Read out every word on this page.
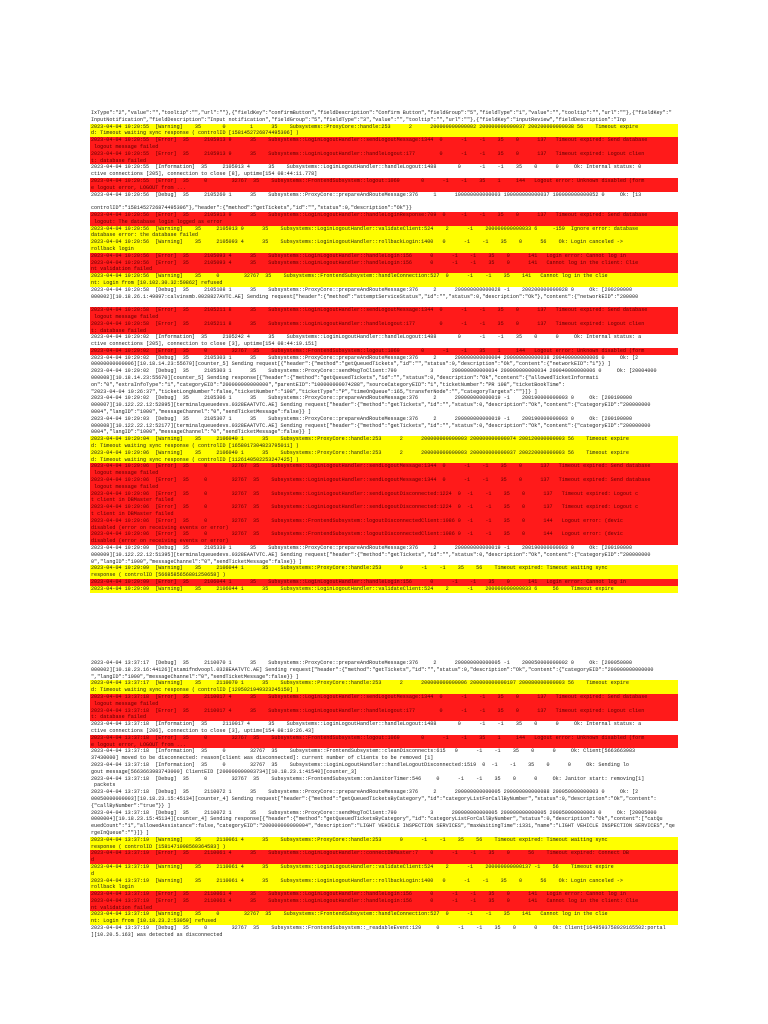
IxType":"2","value":"","tooltip":"","url":""},{"fieldKey":"confirmButton","fieldDescription":"Confirm Button","fieldGroup":"5","fieldType":"1","value":"","tooltip":"","url":""},{"fieldKey":"
InputNotification","fieldDescription":"Input notification","fieldGroup":"5","fieldType":"3","value":"","tooltip":"","url":""},{"fieldKey":"inputReview","fieldDescription":"Inp
2023-04-04 10:20:55  [Warning]    35       0        1      35    Subsystems::ProxyCore::handle:253      2      200000000000002 200000000000037 200200000000038 56    Timeout expire
d: Timeout waiting sync response ( controlID [1581452726874495306] )
2023-04-04 10:20:55  [Error]  35     2105913 9      35    Subsystems::LoginLogoutHandler::sendLogoutMessage:1344  0      -1    -1    35    0      137   Timeout expired: Send database
logout message failed
2023-04-04 10:20:55  [Error]  35     2105913 9      35    Subsystems::LoginLogoutHandler::handleLogout:177        0      -1    -1    35    0      137   Timeout expired: Logout clien
t: database failed
2023-04-04 10:20:55  [Information]  35     2105913 4      35    Subsystems::LoginLogoutHandler::handleLogout:1488       0      -1    -1    35    0      0     Ok: Internal status: 0
ctive connections [205], connection to close [8], uptime[154 08:44:11.778]
2023-04-04 10:20:55  [Error]  35     0        32767  35    Subsystems::FrontendSubsystem::logout:1069       0      -1    -1    35    1     144   Logout error: Unknown disabled (form
e logout error, LOGOUT from ...
2023-04-04 10:20:56  [Debug]  35     2105260 1      35    Subsystems::ProxyCore::prepareAndRouteMessage:376     1      100000000000003 100000000000037 100000000000052 0     Ok: [13
controlID":"1581452726874495306"},"header":{"method":"getTickets","id":"","status":0,"description":"Ok"}}
2023-04-04 10:20:56  [Error]  35     2105913 9      35    Subsystems::LoginLogoutHandler::handleLoginResponse:709  0     -1    -1    35    0      137   Timeout expired: Send database
logout: The database login logged as error
2023-04-04 10:20:56  [Warning]    35     2105913 9      35    Subsystems::LoginLogoutHandler::validateClient:524    2      -1    200000000000033 6     -150  Ignore error: database
database error: the database failed
2023-04-04 10:20:56  [Warning]    35     2105093 4      35    Subsystems::LoginLogoutHandler::rollbackLogin:1400   0      -1    -1    35    0      56    Ok: Login canceled ->
rollback login
2023-04-04 10:20:56  [Error]  35     2105093 4      35    Subsystems::LoginLogoutHandler::handleLogin:156      0      -1    -1    35    0      141   Login error: Cannot log in
2023-04-04 10:20:56  [Error]  35     2105093 4      35    Subsystems::LoginLogoutHandler::handleLogin:156      0      -1    -1    35    0      141   Cannot log in the client: Clie
nt validation failed
2023-04-04 10:20:56  [Warning]    35     0        32767  35    Subsystems::FrontendSubsystem::handleConnection:527  0      -1    -1    35    141   Cannot log in the clie
nt: Login from [10.102.30.32:59862] refused
2023-04-04 10:20:58  [Debug]  35     2105108 1      35    Subsystems::ProxyCore::prepareAndRouteMessage:376     2      200000000000028 -1    200200000000028 0     Ok: [200200000
000002][10.18.26.1:49897:calvinsmb.0028827AVTC.AE] Sending request["header":{"method":"attemptServiceStatus","id":"","status":0,"description":"Ok"},"content":{"networkEID":"200000
2023-04-04 10:20:58  [Error]  35     2105211 8      35    Subsystems::LoginLogoutHandler::sendLogoutMessage:1344  0      -1    -1    35    0      137   Timeout expired: Send database
logout message failed
2023-04-04 10:20:58  [Error]  35     2105211 8      35    Subsystems::LoginLogoutHandler::handleLogout:177        0      -1    -1    35    0      137   Timeout expired: Logout clien
t: database failed
2023-04-04 10:29:02  [Information]  35     2105242 4      35    Subsystems::LoginLogoutHandler::handleLogout:1488       0      -1    -1    35    0      0     Ok: Internal status: a
ctive connections [205], connection to close [3], uptime[154 08:44:19.151]
2023-04-04 10:29:02  [Error]  35     0        32767  35    Subsystems::FrontendSubsystem::logout:1069       0      -1    -1    35    1     144   Logout error: Unknown disabled (form
2023-04-04 10:29:02  [Debug]  35     2105303 1      35    Subsystems::ProxyCore::prepareAndRouteMessage:376     2      200000000000004 200000000000038 200400000000006 0     Ok: [2
00000000000006][10.18.14.23:55670][counter_5] Sending request[{"header":{"method":"getQueuedTickets","id":"","status":0,"description":"Ok","content":{"networkEID":"1"}} ]
2023-04-04 10:29:02  [Debug]  35     2105303 1      35    Subsystems::ProxyCore::sendMsgToClient:790           3      200000000000034 200000000000034 200040000000006 0     Ok: [20004000
000008][10.18.14.23:55670][counter_5] Sending response[{"header":{"method":"getQueuedTickets","id":"","status":0,"description":"Ok","content":{"allowedTicketInformati
on":"0","extraInfoType":"1","categoryEID":"200000000000000","parentEID":"100000000074288","sourceCategoryEID":"1","ticketNumber":"PR 108","ticketBookTime":
"2023-04-04 10:26:37","ticketLongNumber":false,"ticketNumber":"108","ticketType":"P","timeOnQueue":165,"transferNode":"","categoryTargets":""}]} ]
2023-04-04 10:29:02  [Debug]  35     2105306 1      35    Subsystems::ProxyCore::prepareAndRouteMessage:376     2      200000000000019 -1    200190000000003 0     Ok: [200190000
000007][10.122.22.12:52895][terminalqueuedevs.0328EAATVTC.AE] Sending request["header":{"method":"getTickets","id":"","status":0,"description":"Ok","content":{"categoryEID":"200000000
0004","langID":"1000","messageChannel":"0","sendTicketMessage":false}} ]
2023-04-04 10:29:03  [Debug]  35     2105307 1      35    Subsystems::ProxyCore::prepareAndRouteMessage:376     2      200000000000019 -1    200190000000003 0     Ok: [200190000
000008][10.122.22.12:52177][terminalqueuedevs.0328EAATVTC.AE] Sending request["header":{"method":"getTickets","id":"","status":0,"description":"Ok","content":{"categoryEID":"200000000
0004","langID":"1000","messageChannel":"0","sendTicketMessage":false}} ]
2023-04-04 10:29:04  [Warning]    35     2106040 1      35    Subsystems::ProxyCore::handle:253      2      200000000000003 200000000000074 200120000000003 56    Timeout expire
d: Timeout waiting sync response ( controlID [1658017304823795011] )
2023-04-04 10:29:06  [Warning]    35     2106040 1      35    Subsystems::ProxyCore::handle:253      2      200000000000003 200000000000037 200220000000003 56    Timeout expire
d: Timeout waiting sync response ( controlID [1126140502253247425] )
2023-04-04 10:29:06  [Error]  35     0        32767  35    Subsystems::LoginLogoutHandler::sendLogoutMessage:1344  0      -1    -1    35    0      137   Timeout expired: Send database
logout message failed
2023-04-04 10:29:06  [Error]  35     0        32767  35    Subsystems::LoginLogoutHandler::sendLogoutMessage:1344  0      -1    -1    35    0      137   Timeout expired: Send database
logout message failed
2023-04-04 10:29:06  [Error]  35     0        32767  35    Subsystems::LoginLogoutHandler::sendLogoutDisconnected:1224  0  -1    -1    35    0      137   Timeout expired: Logout c
t client in DBMaster failed
2023-04-04 10:29:06  [Error]  35     0        32767  35    Subsystems::LoginLogoutHandler::sendLogoutDisconnected:1224  0  -1    -1    35    0      137   Timeout expired: Logout c
t client in DBMaster failed
2023-04-04 10:29:06  [Error]  35     0        32767  35    Subsystems::FrontendSubsystem::logoutDisconnectedClient:1086 0  -1    -1    35    0      144   Logout error: (devic
disabled (error on receiving events or error)
2023-04-04 10:29:06  [Error]  35     0        32767  35    Subsystems::FrontendSubsystem::logoutDisconnectedClient:1086 0  -1    -1    35    0      144   Logout error: (devic
disabled (error on receiving events or error)
2023-04-04 10:29:09  [Debug]  35     2105339 1      35    Subsystems::ProxyCore::prepareAndRouteMessage:376     2      200000000000019 -1    200190000000003 0     Ok: [200190000
000009][10.122.22.12:51395][terminalqueuedevs.0328EAATVTC.AE] Sending request["header":{"method":"getTickets","id":"","status":0,"description":"Ok","content":{"categoryEID":"200000000
0","langID":"1000","messageChannel":"0","sendTicketMessage":false}} ]
2023-04-04 10:29:09  [Warning]    35     2106044 1      35    Subsystems::ProxyCore::handle:253      0      -1    -1    35    56    Timeout expired: Timeout waiting sync
response ( controlID [5668585656801250658] )
2023-04-04 10:29:09  [Error]  35     2106044 1      35    Subsystems::LoginLogoutHandler::handleLogin:156      0      -1    -1    35    0      141   Login error: Cannot log in
2023-04-04 10:29:09  [Warning]    35     2106044 1      35    Subsystems::LoginLogoutHandler::validateClient:524    2      -1    200000000000033 6     56    Timeout expire
2023-04-04 13:37:17  [Debug]  35     2110070 1      35    Subsystems::ProxyCore::prepareAndRouteMessage:376     2      200000000000005 -1    200050000000002 0     Ok: [200050000
000002][10.18.23.16:44126][stamifndvoopl.0328EAATVTC.AE] Sending request["header":{"method":"getTickets","id":"","status":0,"description":"Ok","content":{"categoryEID":"200000000000000
","langID":"1000","messageChannel":"0","sendTicketMessage":false}} ]
2023-04-04 13:37:17  [Warning]    35     2110070 1      35    Subsystems::ProxyCore::handle:253      2      200000000000006 200000000000107 200080000000003 56    Timeout expire
d: Timeout waiting sync response ( controlID [1295021949323245150] )
2023-04-04 13:37:18  [Error]  35     2110017 4      35    Subsystems::LoginLogoutHandler::sendLogoutMessage:1344  0      -1    -1    35    0      137   Timeout expired: Send database
logout message failed
2023-04-04 13:37:18  [Error]  35     2110017 4      35    Subsystems::LoginLogoutHandler::handleLogout:177        0      -1    -1    35    0      137   Timeout expired: Logout clien
t: database failed
2023-04-04 13:37:18  [Information]  35     2110017 4      35    Subsystems::LoginLogoutHandler::handleLogout:1488       0      -1    -1    35    0      0     Ok: Internal status: a
ctive connections [206], connection to close [3], uptime[154 08:10:26.43]
2023-04-04 13:37:18  [Error]  35     0        32767  35    Subsystems::FrontendSubsystem::logout:1069       0      -1    -1    35    1     144   Logout error: Unknown disabled (form
e logout error, LOGOUT from ...
2023-04-04 13:37:18  [Information]  35     0        32767  35    Subsystems::FrontendSubsystem::cleanDisconnects:615   0      -1    -1    35    0      0     Ok: Client[5663663983
37430000] moved to be disconnected: reason[client was disconnected]: current number of clients to be removed [1]
2023-04-04 13:37:18  [Information]  35     0        32767  35    Subsystems::LoginLogoutHandler::handleLogoutDisconnected:1519  0  -1    -1    35    0      0     Ok: Sending lo
gout message[5663663983743000] ClientEID [200000000003734][10.18.23.1:41540][counter_3]
2023-04-04 13:37:18  [Debug]  35     0        32767  35    Subsystems::FrontendSubsystem::onJanitorTimer:546     0      -1    -1    35    0      0     Ok: Janitor start: removing[1]
packets
2023-04-04 13:37:18  [Debug]  35     2110072 1      35    Subsystems::ProxyCore::prepareAndRouteMessage:376     2      200000000000005 200000000000088 200050000000003 0     Ok: [2
00050000000003][10.18.23.15:45134][counter_4] Sending request["header":{"method":"getQueuedTicketsByCategory","id":"categoryListForCallByNumber","status":0,"description":"Ok","content":
{"callByNumber":"true"}} ]
2023-04-04 13:37:18  [Debug]  35     2110072 1      35    Subsystems::ProxyCore::sendMsgToClient:790           3      200000000000005 200000000000005 200050000000003 0     Ok: [20005000
0000004][10.18.23.15:45134][counter_4] Sending response[{"header":{"method":"getQueuedTicketsByCategory","id":"categoryListForCallByNumber","status":0,"description":"Ok","content":["catQu
euedCount":"1","allowedAssistance":false,"categoryEID":"200000000000004","description":"LIGHT VEHICLE INSPECTION SERVICES","maxWaitingTime":1331,"name":"LIGHT VEHICLE INSPECTION SERVICES","qe
rgeInQueue":""}]} ]
2023-04-04 13:37:19  [Warning]    35     2110061 4      35    Subsystems::ProxyCore::handle:253      0      -1    -1    35    56    Timeout expired: Timeout waiting sync
response ( controlID [1581471098560364583] )
2023-04-04 13:37:19  [Error]  35     2110061 4      35    Subsystems::LoginLogoutHandler::connectDBMaster:7    0      -1    -1    35    0      56    Timeout expired: Connect DB
d
2023-04-04 13:37:19  [Warning]    35     2110061 4      35    Subsystems::LoginLogoutHandler::validateClient:524    2      -1    200000000000137 -1    56    Timeout expire
d
2023-04-04 13:37:19  [Warning]    35     2110061 4      35    Subsystems::LoginLogoutHandler::rollbackLogin:1400   0      -1    -1    35    0      56    Ok: Login canceled ->
rollback login
2023-04-04 13:37:19  [Error]  35     2110061 4      35    Subsystems::LoginLogoutHandler::handleLogin:156      0      -1    -1    35    0      141   Login error: Cannot log in
2023-04-04 13:37:19  [Error]  35     2110061 4      35    Subsystems::LoginLogoutHandler::handleLogin:156      0      -1    -1    35    0      141   Cannot log in the client: Clie
nt validation failed
2023-04-04 13:37:19  [Warning]    35     0        32767  35    Subsystems::FrontendSubsystem::handleConnection:527  0      -1    -1    35    141   Cannot log in the clie
nt: Login from [10.18.23.2:53059] refused
2023-04-04 13:37:19  [Debug]  35     0        32767  35    Subsystems::FrontendSubsystem::_readableEvent:129     0      -1    -1    35    0      0     Ok: Client[1649593758029165502:portal
][10.20.5.163] was detected as disconnected
